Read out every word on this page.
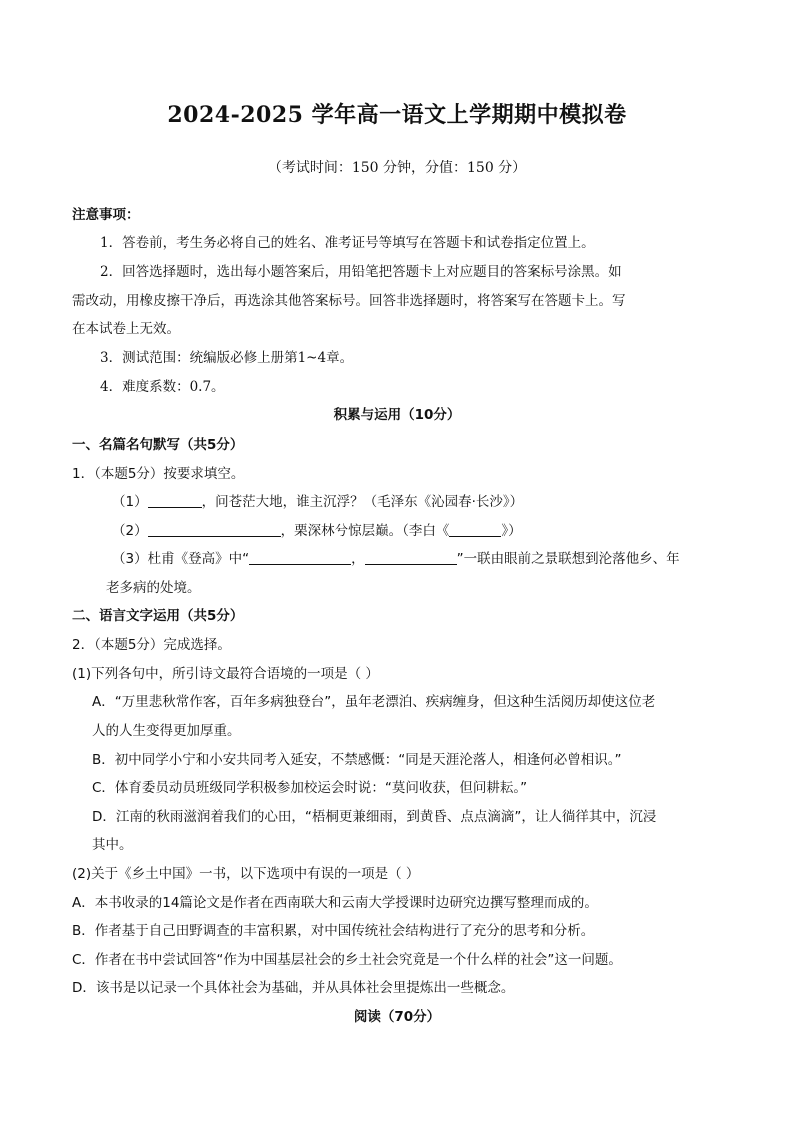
2024-2025 学年高一语文上学期期中模拟卷
（考试时间：150 分钟，分值：150 分）
注意事项：
1．答卷前，考生务必将自己的姓名、准考证号等填写在答题卡和试卷指定位置上。
2．回答选择题时，选出每小题答案后，用铅笔把答题卡上对应题目的答案标号涂黑。如
需改动，用橡皮擦干净后，再选涂其他答案标号。回答非选择题时，将答案写在答题卡上。写
在本试卷上无效。
3．测试范围：统编版必修上册第1~4章。
4．难度系数：0.7。
积累与运用（10分）
一、名篇名句默写（共5分）
1．（本题5分）按要求填空。
（1）	，问苍茫大地，谁主沉浮？（毛泽东《沁园春·长沙》）
（2）	，栗深林兮惊层巅。（李白《	》）
（3）杜甫《登高》中“	，	”一联由眼前之景联想到沦落他乡、年
老多病的处境。
二、语言文字运用（共5分）
2．（本题5分）完成选择。
(1)下列各句中，所引诗文最符合语境的一项是（ ）
A．“万里悲秋常作客，百年多病独登台”，虽年老漂泊、疾病缠身，但这种生活阅历却使这位老
人的人生变得更加厚重。
B．初中同学小宁和小安共同考入延安，不禁感慨：“同是天涯沦落人，相逢何必曾相识。”
C．体育委员动员班级同学积极参加校运会时说：“莫问收获，但问耕耘。”
D．江南的秋雨滋润着我们的心田，“梧桐更兼细雨，到黄昏、点点滴滴”，让人徜徉其中，沉浸
其中。
(2)关于《乡土中国》一书，以下选项中有误的一项是（ ）
A．本书收录的14篇论文是作者在西南联大和云南大学授课时边研究边撰写整理而成的。
B．作者基于自己田野调查的丰富积累，对中国传统社会结构进行了充分的思考和分析。
C．作者在书中尝试回答“作为中国基层社会的乡土社会究竟是一个什么样的社会”这一问题。
D．该书是以记录一个具体社会为基础，并从具体社会里提炼出一些概念。
阅读（70分）
